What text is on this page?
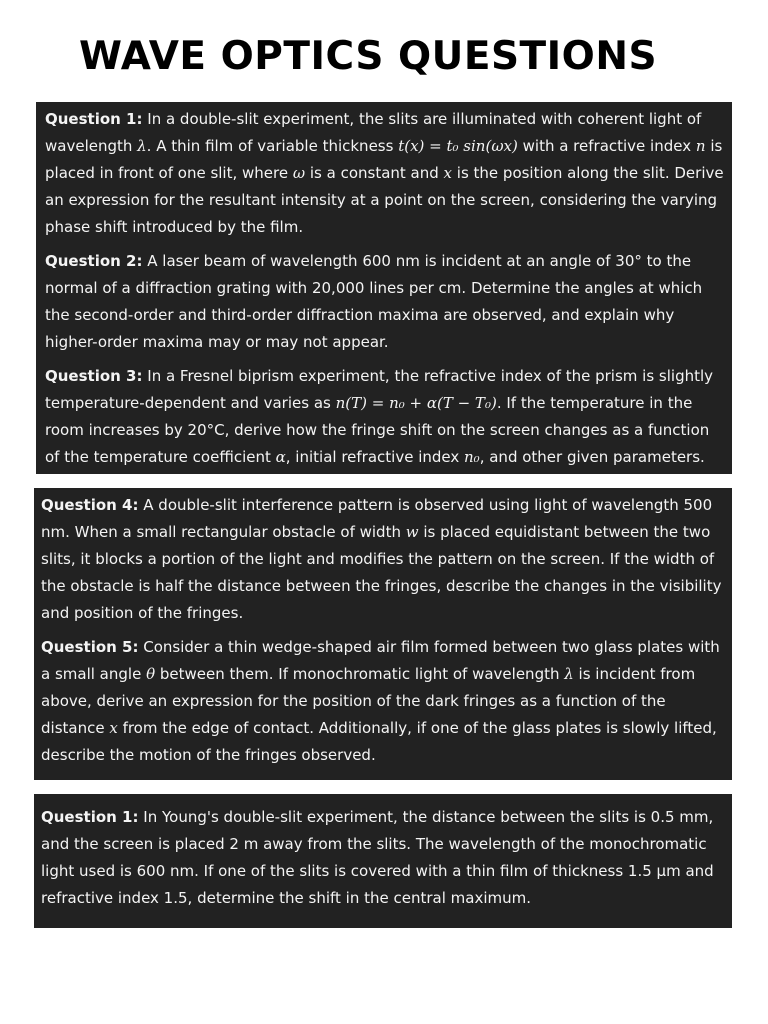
WAVE OPTICS QUESTIONS

Question 1: In a double-slit experiment, the slits are illuminated with coherent light of wavelength λ. A thin film of variable thickness t(x) = t₀ sin(ωx) with a refractive index n is placed in front of one slit, where ω is a constant and x is the position along the slit. Derive an expression for the resultant intensity at a point on the screen, considering the varying phase shift introduced by the film.

Question 2: A laser beam of wavelength 600 nm is incident at an angle of 30° to the normal of a diffraction grating with 20,000 lines per cm. Determine the angles at which the second-order and third-order diffraction maxima are observed, and explain why higher-order maxima may or may not appear.

Question 3: In a Fresnel biprism experiment, the refractive index of the prism is slightly temperature-dependent and varies as n(T) = n₀ + α(T − T₀). If the temperature in the room increases by 20°C, derive how the fringe shift on the screen changes as a function of the temperature coefficient α, initial refractive index n₀, and other given parameters.

Question 4: A double-slit interference pattern is observed using light of wavelength 500 nm. When a small rectangular obstacle of width w is placed equidistant between the two slits, it blocks a portion of the light and modifies the pattern on the screen. If the width of the obstacle is half the distance between the fringes, describe the changes in the visibility and position of the fringes.

Question 5: Consider a thin wedge-shaped air film formed between two glass plates with a small angle θ between them. If monochromatic light of wavelength λ is incident from above, derive an expression for the position of the dark fringes as a function of the distance x from the edge of contact. Additionally, if one of the glass plates is slowly lifted, describe the motion of the fringes observed.

Question 1: In Young's double-slit experiment, the distance between the slits is 0.5 mm, and the screen is placed 2 m away from the slits. The wavelength of the monochromatic light used is 600 nm. If one of the slits is covered with a thin film of thickness 1.5 μm and refractive index 1.5, determine the shift in the central maximum.
